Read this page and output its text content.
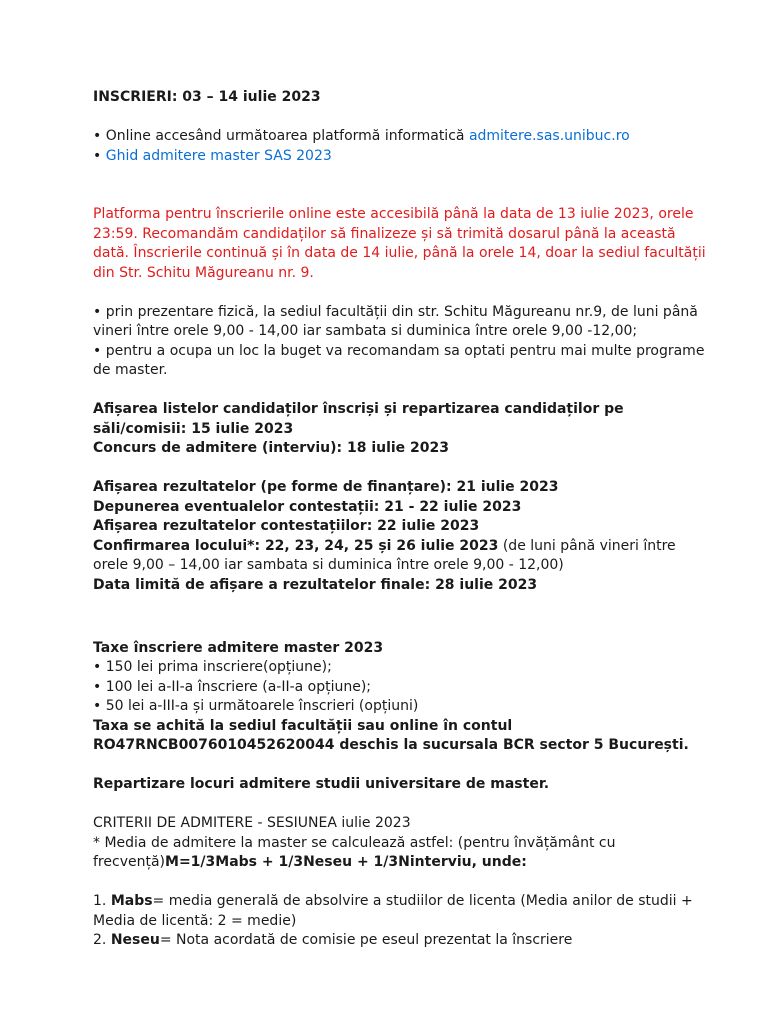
INSCRIERI: 03 – 14 iulie 2023

• Online accesând următoarea platformă informatică admitere.sas.unibuc.ro

• Ghid admitere master SAS 2023

Platforma pentru înscrierile online este accesibilă până la data de 13 iulie 2023, orele 23:59. Recomandăm candidaților să finalizeze și să trimită dosarul până la această dată. Înscrierile continuă și în data de 14 iulie, până la orele 14, doar la sediul facultății din Str. Schitu Măgureanu nr. 9.

• prin prezentare fizică, la sediul facultății din str. Schitu Măgureanu nr.9, de luni până vineri între orele 9,00 - 14,00 iar sambata si duminica între orele 9,00 -12,00;

• pentru a ocupa un loc la buget va recomandam sa optati pentru mai multe programe de master.

Afișarea listelor candidaților înscriși și repartizarea candidaților pe săli/comisii: 15 iulie 2023

Concurs de admitere (interviu): 18 iulie 2023

Afișarea rezultatelor (pe forme de finanțare): 21 iulie 2023

Depunerea eventualelor contestații: 21 - 22 iulie 2023

Afișarea rezultatelor contestațiilor: 22 iulie 2023

Confirmarea locului*: 22, 23, 24, 25 și 26 iulie 2023 (de luni până vineri între orele 9,00 – 14,00 iar sambata si duminica între orele 9,00 - 12,00)

Data limită de afișare a rezultatelor finale: 28 iulie 2023

Taxe înscriere admitere master 2023

• 150 lei prima inscriere(opțiune);

• 100 lei a-II-a înscriere (a-II-a opțiune);

• 50 lei a-III-a și următoarele înscrieri (opțiuni)

Taxa se achită la sediul facultății sau online în contul RO47RNCB0076010452620044 deschis la sucursala BCR sector 5 București.

Repartizare locuri admitere studii universitare de master.

CRITERII DE ADMITERE - SESIUNEA iulie 2023

* Media de admitere la master se calculează astfel: (pentru învățământ cu frecvență)M=1/3Mabs + 1/3Neseu + 1/3Ninterviu, unde:

1. Mabs= media generală de absolvire a studiilor de licenta (Media anilor de studii + Media de licentă: 2 = medie)

2. Neseu= Nota acordată de comisie pe eseul prezentat la înscriere
